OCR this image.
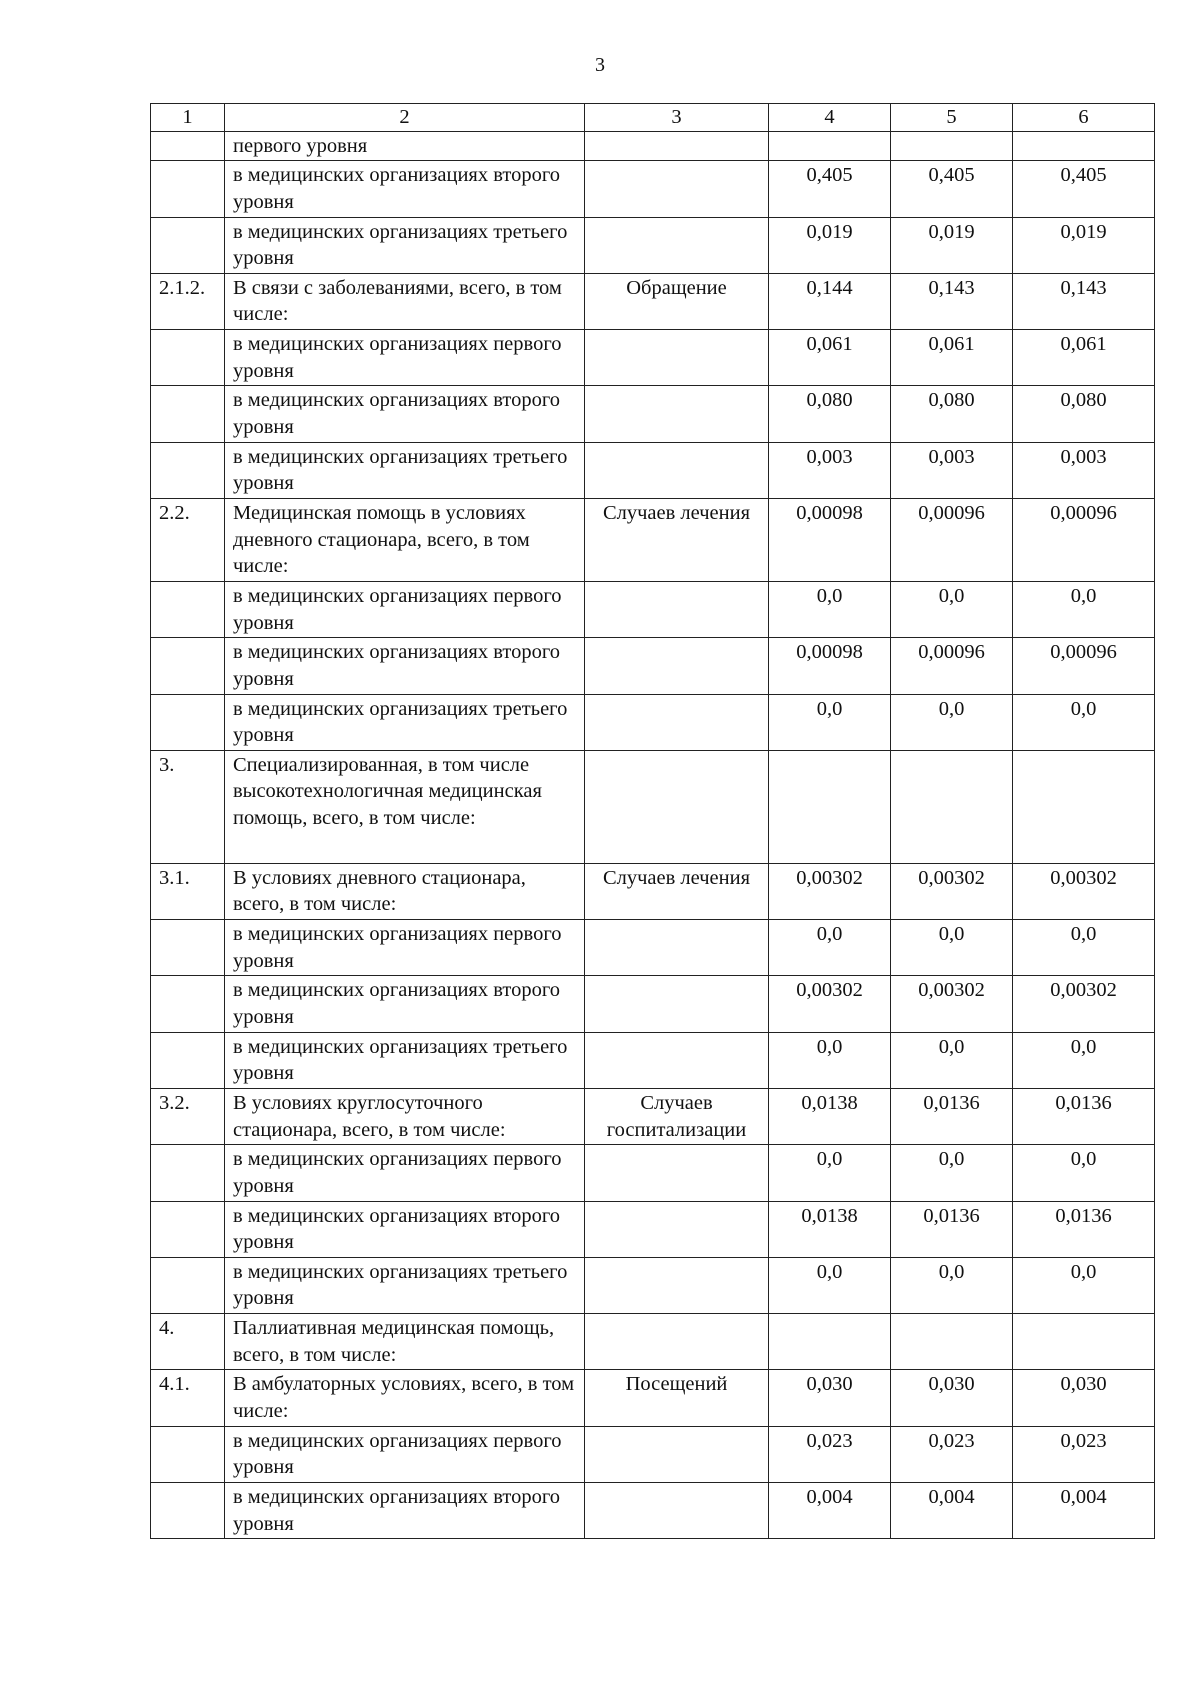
3
1	2	3	4	5	6
	первого уровня				
	в медицинских организациях второго уровня		0,405	0,405	0,405
	в медицинских организациях третьего уровня		0,019	0,019	0,019
2.1.2.	В связи с заболеваниями, всего, в том числе:	Обращение	0,144	0,143	0,143
	в медицинских организациях первого уровня		0,061	0,061	0,061
	в медицинских организациях второго уровня		0,080	0,080	0,080
	в медицинских организациях третьего уровня		0,003	0,003	0,003
2.2.	Медицинская помощь в условиях дневного стационара, всего, в том числе:	Случаев лечения	0,00098	0,00096	0,00096
	в медицинских организациях первого уровня		0,0	0,0	0,0
	в медицинских организациях второго уровня		0,00098	0,00096	0,00096
	в медицинских организациях третьего уровня		0,0	0,0	0,0
3.	Специализированная, в том числе высокотехнологичная медицинская помощь, всего, в том числе:				
3.1.	В условиях дневного стационара, всего, в том числе:	Случаев лечения	0,00302	0,00302	0,00302
	в медицинских организациях первого уровня		0,0	0,0	0,0
	в медицинских организациях второго уровня		0,00302	0,00302	0,00302
	в медицинских организациях третьего уровня		0,0	0,0	0,0
3.2.	В условиях круглосуточного стационара, всего, в том числе:	Случаев госпитализации	0,0138	0,0136	0,0136
	в медицинских организациях первого уровня		0,0	0,0	0,0
	в медицинских организациях второго уровня		0,0138	0,0136	0,0136
	в медицинских организациях третьего уровня		0,0	0,0	0,0
4.	Паллиативная медицинская помощь, всего, в том числе:				
4.1.	В амбулаторных условиях, всего, в том числе:	Посещений	0,030	0,030	0,030
	в медицинских организациях первого уровня		0,023	0,023	0,023
	в медицинских организациях второго уровня		0,004	0,004	0,004
